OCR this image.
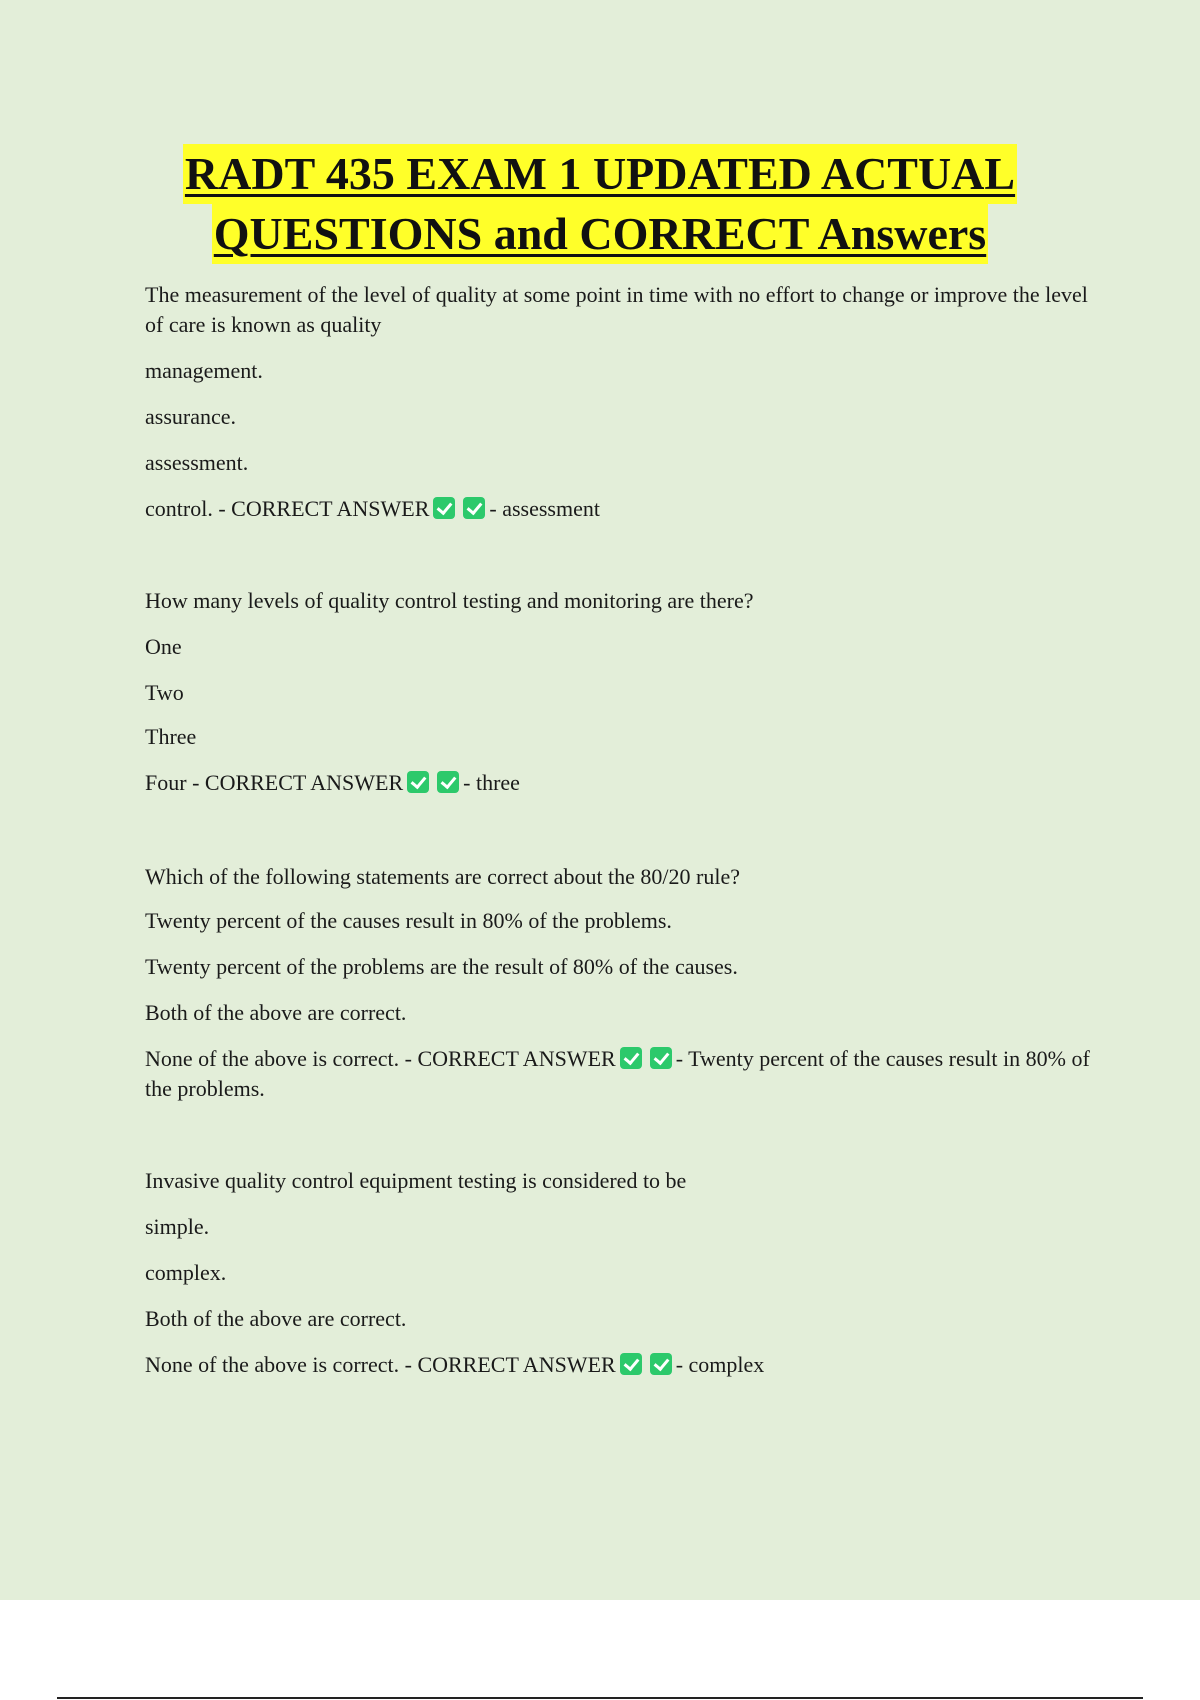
RADT 435 EXAM 1 UPDATED ACTUAL
QUESTIONS and CORRECT Answers

The measurement of the level of quality at some point in time with no effort to change or improve the level of care is known as quality

management.

assurance.

assessment.

control. - CORRECT ANSWER	- assessment

How many levels of quality control testing and monitoring are there?

One

Two

Three

Four - CORRECT ANSWER	- three

Which of the following statements are correct about the 80/20 rule?

Twenty percent of the causes result in 80% of the problems.

Twenty percent of the problems are the result of 80% of the causes.

Both of the above are correct.

None of the above is correct. - CORRECT ANSWER	- Twenty percent of the causes result in 80% of the problems.

Invasive quality control equipment testing is considered to be

simple.

complex.

Both of the above are correct.

None of the above is correct. - CORRECT ANSWER	- complex
